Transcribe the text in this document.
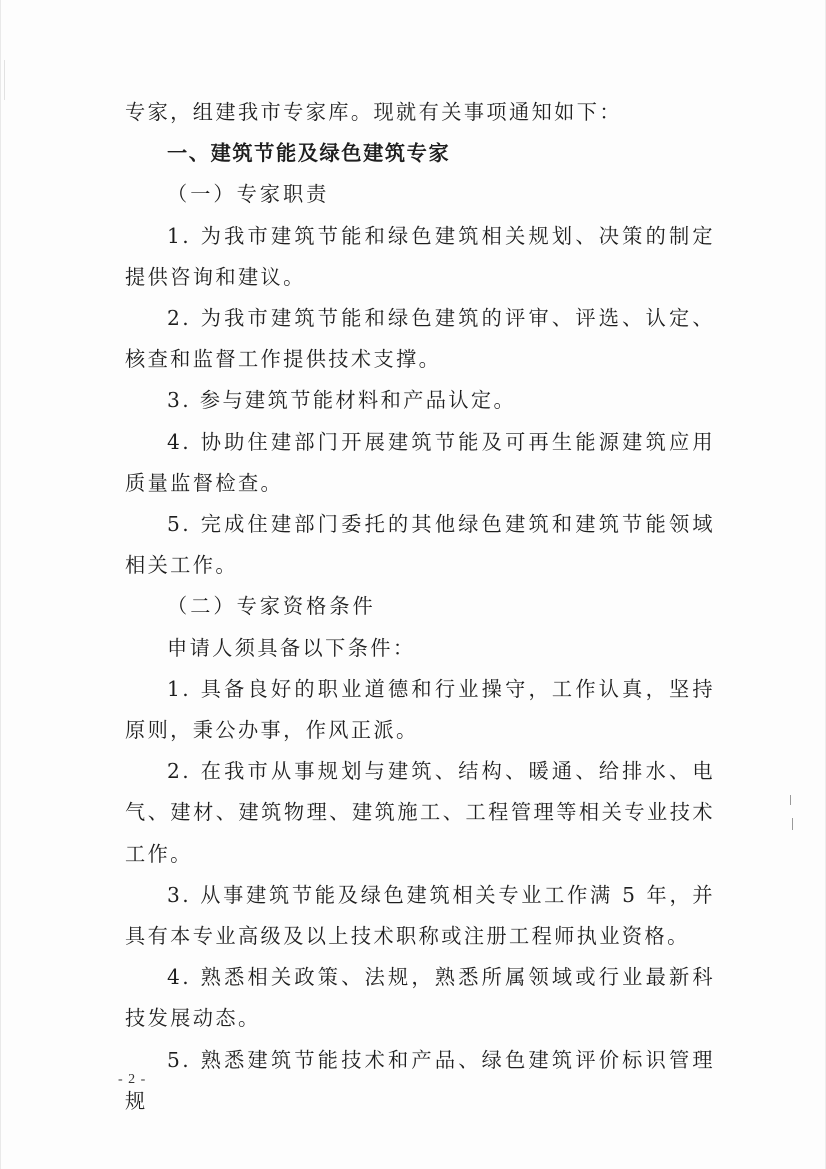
专家，组建我市专家库。现就有关事项通知如下：

一、建筑节能及绿色建筑专家

（一）专家职责

1. 为我市建筑节能和绿色建筑相关规划、决策的制定提供咨询和建议。

2. 为我市建筑节能和绿色建筑的评审、评选、认定、核查和监督工作提供技术支撑。

3. 参与建筑节能材料和产品认定。

4. 协助住建部门开展建筑节能及可再生能源建筑应用质量监督检查。

5. 完成住建部门委托的其他绿色建筑和建筑节能领域相关工作。

（二）专家资格条件

申请人须具备以下条件：

1. 具备良好的职业道德和行业操守，工作认真，坚持原则，秉公办事，作风正派。

2. 在我市从事规划与建筑、结构、暖通、给排水、电气、建材、建筑物理、建筑施工、工程管理等相关专业技术工作。

3. 从事建筑节能及绿色建筑相关专业工作满 5 年，并具有本专业高级及以上技术职称或注册工程师执业资格。

4. 熟悉相关政策、法规，熟悉所属领域或行业最新科技发展动态。

5. 熟悉建筑节能技术和产品、绿色建筑评价标识管理规

- 2 -
